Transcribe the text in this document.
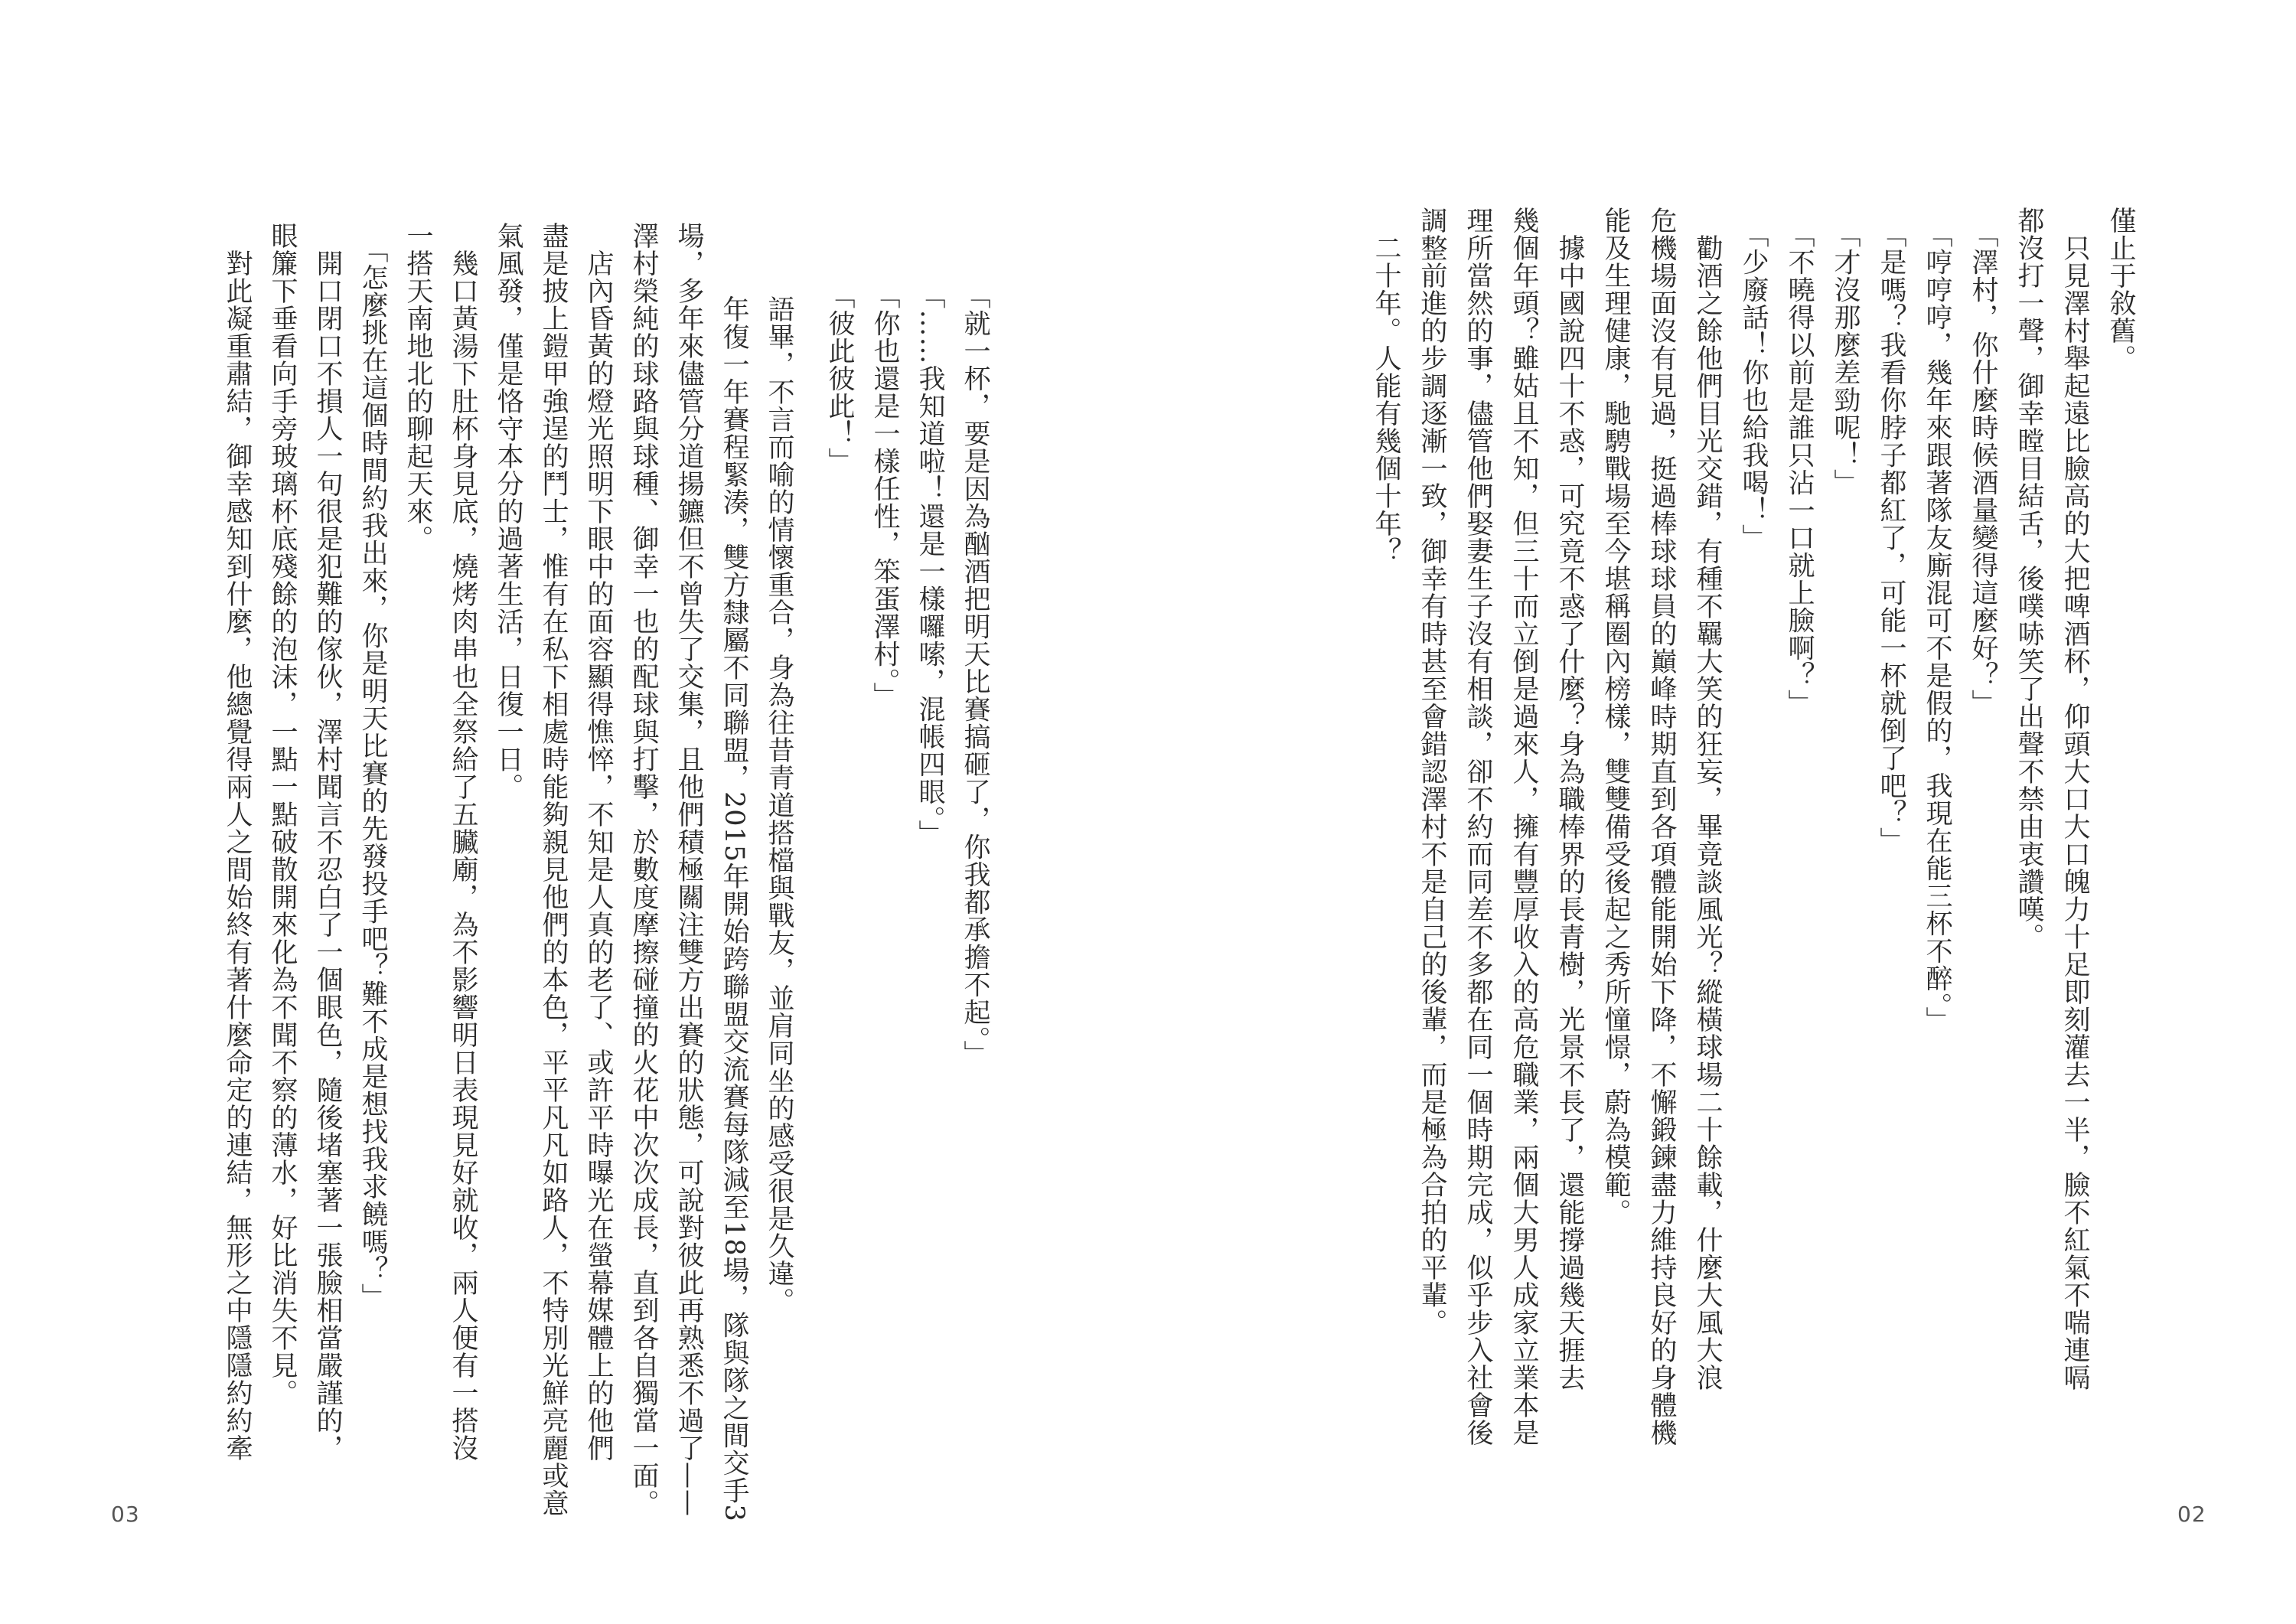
　「就一杯，要是因為酗酒把明天比賽搞砸了，你我都承擔不起。」
　「……我知道啦！還是一樣囉嗦，混帳四眼。」
　「你也還是一樣任性，笨蛋澤村。」
　「彼此彼此！」
　語畢，不言而喻的情懷重合，身為往昔青道搭檔與戰友，並肩同坐的感受很是久違。
　年復一年賽程緊湊，雙方隸屬不同聯盟，2015年開始跨聯盟交流賽每隊減至18場，隊與隊之間交手3
場，多年來儘管分道揚鑣但不曾失了交集，且他們積極關注雙方出賽的狀態，可說對彼此再熟悉不過了——
澤村榮純的球路與球種、御幸一也的配球與打擊，於數度摩擦碰撞的火花中次次成長，直到各自獨當一面。
　店內昏黃的燈光照明下眼中的面容顯得憔悴，不知是人真的老了、或許平時曝光在螢幕媒體上的他們
盡是披上鎧甲強逞的鬥士，惟有在私下相處時能夠親見他們的本色，平平凡凡如路人，不特別光鮮亮麗或意
氣風發，僅是恪守本分的過著生活，日復一日。
　幾口黃湯下肚杯身見底，燒烤肉串也全祭給了五臟廟，為不影響明日表現見好就收，兩人便有一搭沒
一搭天南地北的聊起天來。
　「怎麼挑在這個時間約我出來，你是明天比賽的先發投手吧？難不成是想找我求饒嗎？」
　開口閉口不損人一句很是犯難的傢伙，澤村聞言不忍白了一個眼色，隨後堵塞著一張臉相當嚴謹的，
眼簾下垂看向手旁玻璃杯底殘餘的泡沫，一點一點破散開來化為不聞不察的薄水，好比消失不見。
　對此凝重肅結，御幸感知到什麼，他總覺得兩人之間始終有著什麼命定的連結，無形之中隱隱約約牽
03
僅止于敘舊。
　只見澤村舉起遠比臉高的大把啤酒杯，仰頭大口大口魄力十足即刻灌去一半，臉不紅氣不喘連嗝
都沒打一聲，御幸瞠目結舌，後噗哧笑了出聲不禁由衷讚嘆。
　「澤村，你什麼時候酒量變得這麼好？」
　「哼哼哼，幾年來跟著隊友廝混可不是假的，我現在能三杯不醉。」
　「是嗎？我看你脖子都紅了，可能一杯就倒了吧？」
　「才沒那麼差勁呢！」
　「不曉得以前是誰只沾一口就上臉啊？」
　「少廢話！你也給我喝！」
　勸酒之餘他們目光交錯，有種不羈大笑的狂妄，畢竟談風光？縱橫球場二十餘載，什麼大風大浪
危機場面沒有見過，挺過棒球球員的巔峰時期直到各項體能開始下降，不懈鍛鍊盡力維持良好的身體機
能及生理健康，馳騁戰場至今堪稱圈內榜樣，雙雙備受後起之秀所憧憬，蔚為模範。
　據中國說四十不惑，可究竟不惑了什麼？身為職棒界的長青樹，光景不長了，還能撐過幾天捱去
幾個年頭？雖姑且不知，但三十而立倒是過來人，擁有豐厚收入的高危職業，兩個大男人成家立業本是
理所當然的事，儘管他們娶妻生子沒有相談，卻不約而同差不多都在同一個時期完成，似乎步入社會後
調整前進的步調逐漸一致，御幸有時甚至會錯認澤村不是自己的後輩，而是極為合拍的平輩。
　二十年。人能有幾個十年？
02
